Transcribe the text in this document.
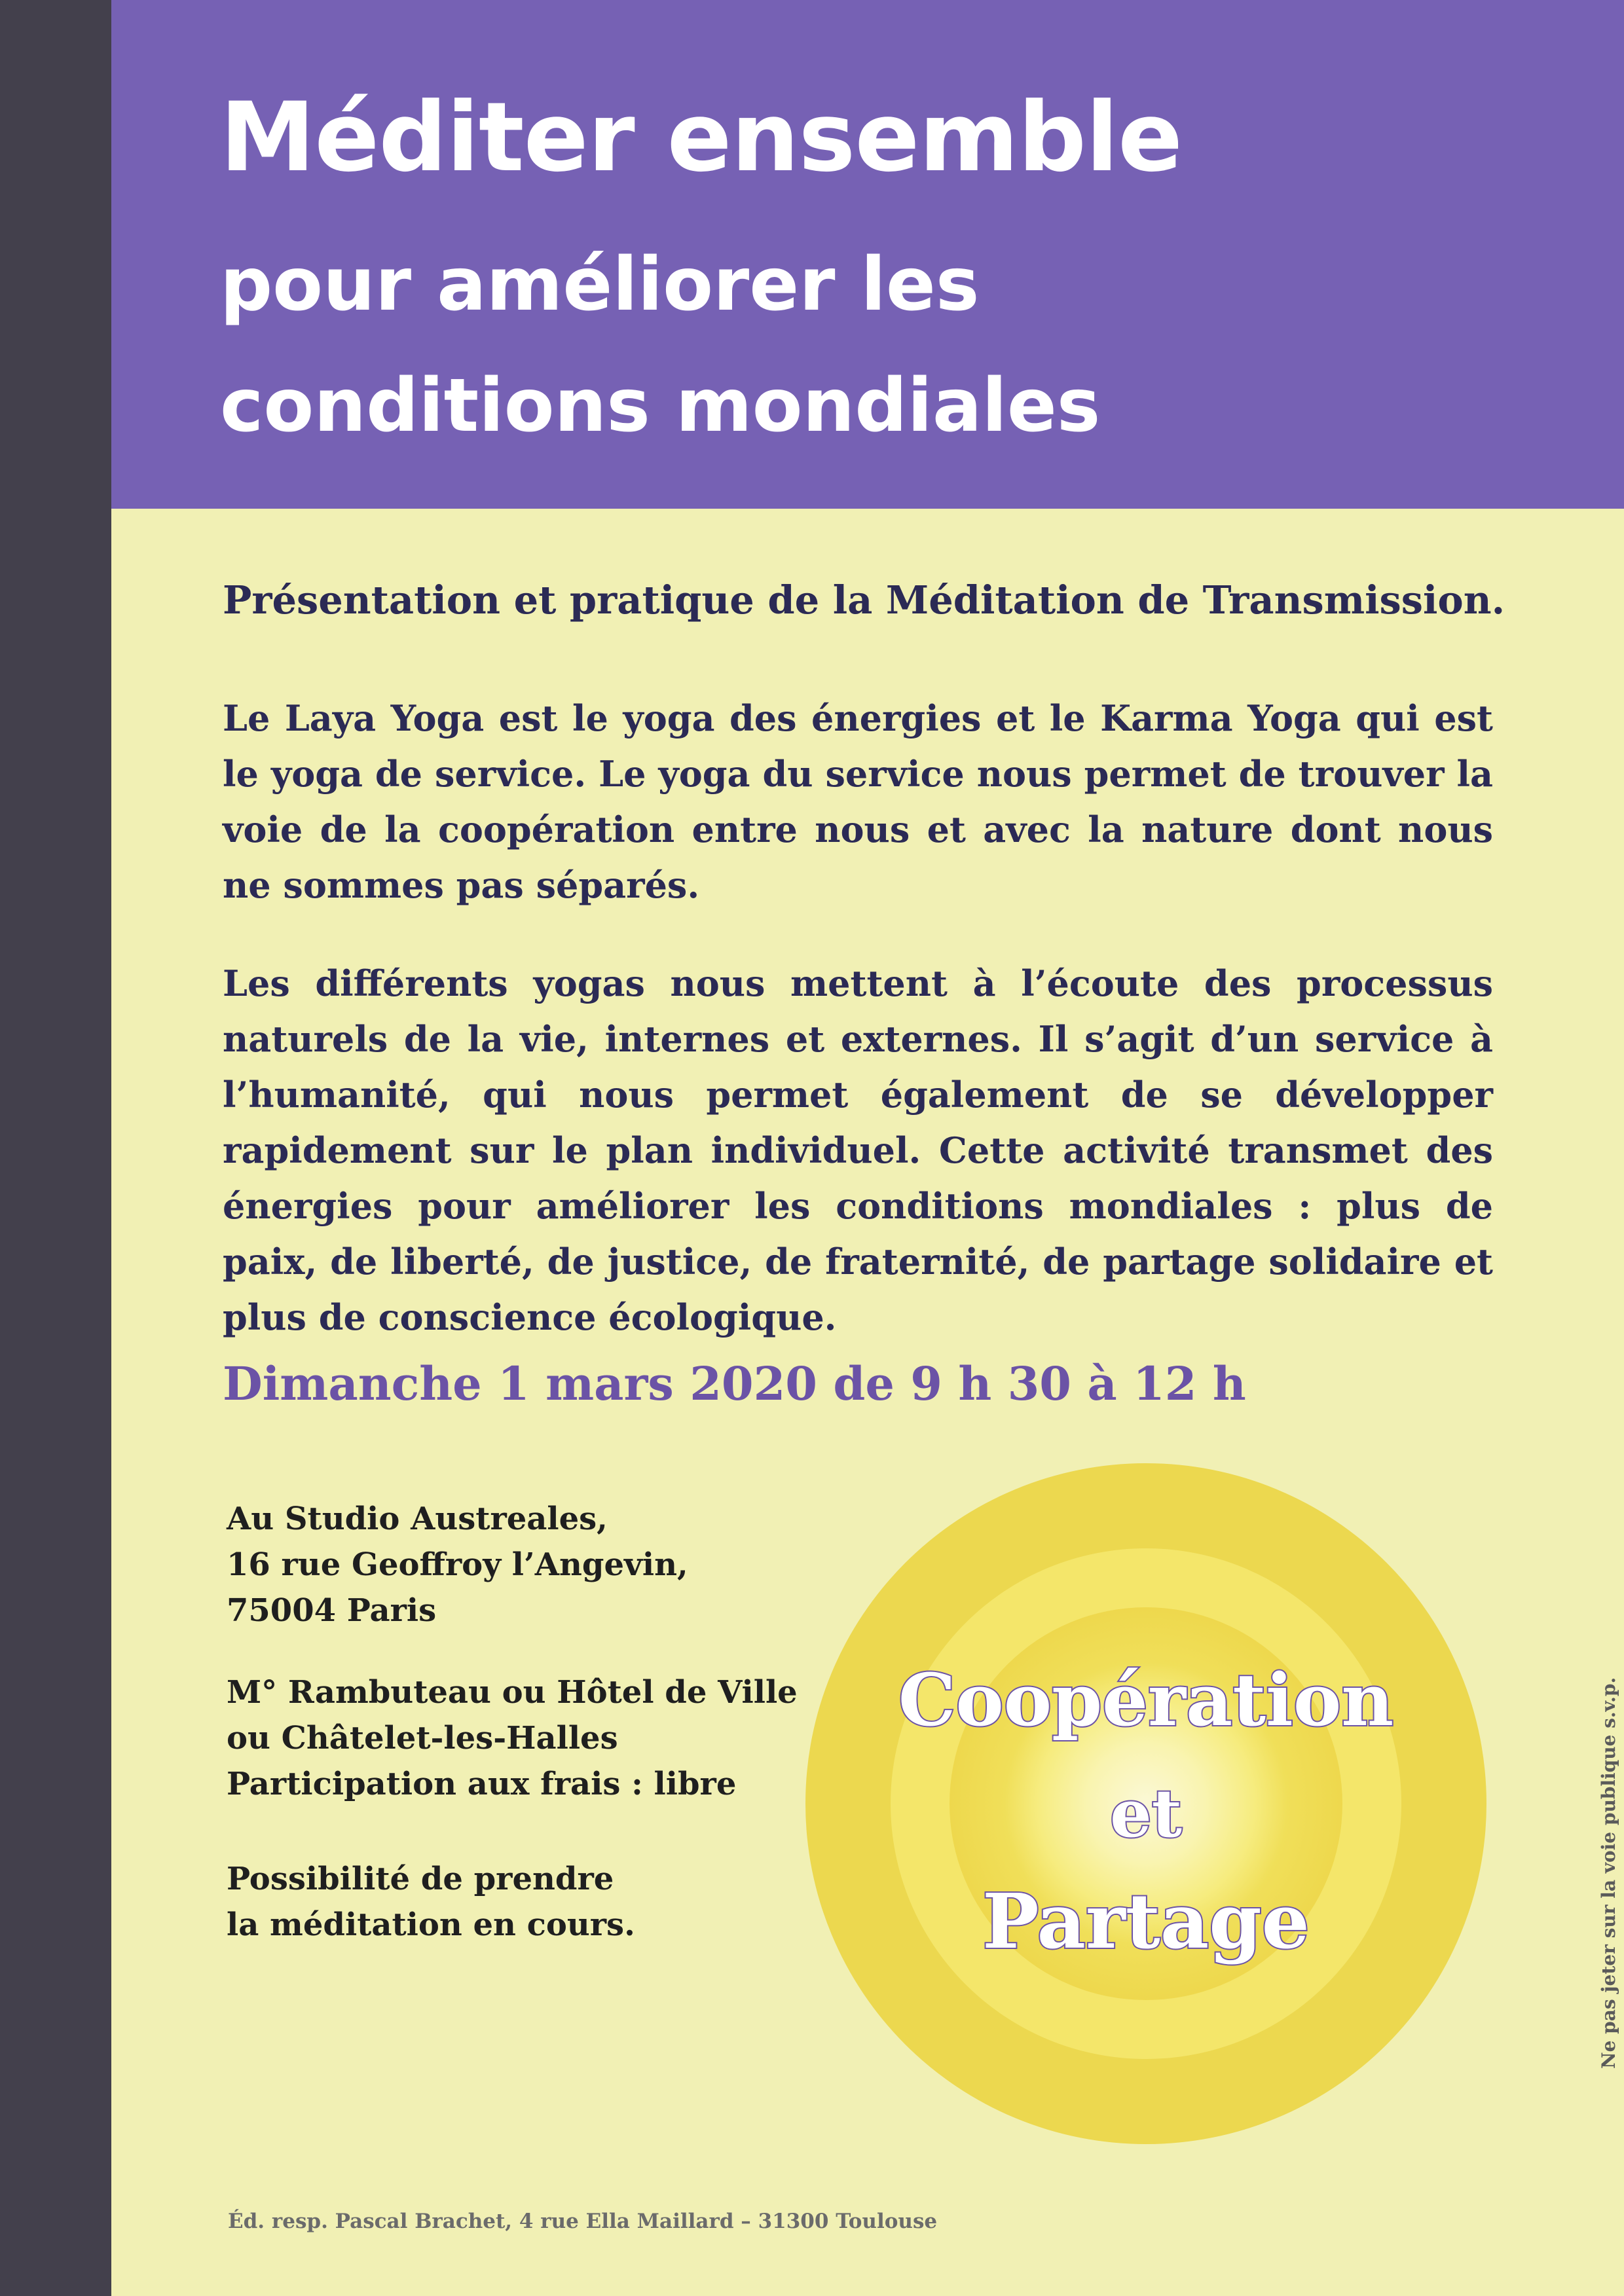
Méditer ensemble
pour améliorer les
conditions mondiales
Présentation et pratique de la Méditation de Transmission.
Le Laya Yoga est le yoga des énergies et le Karma Yoga qui est le yoga de service. Le yoga du service nous permet de trouver la voie de la coopération entre nous et avec la nature dont nous ne sommes pas séparés.
Les différents yogas nous mettent à l’écoute des processus naturels de la vie, internes et externes. Il s’agit d’un service à l’humanité, qui nous permet également de se développer rapidement sur le plan individuel. Cette activité transmet des énergies pour améliorer les conditions mondiales : plus de paix, de liberté, de justice, de fraternité, de partage solidaire et plus de conscience écologique.
Dimanche 1 mars 2020 de 9 h 30 à 12 h
Au Studio Austreales,
16 rue Geoffroy l’Angevin,
75004 Paris
M° Rambuteau ou Hôtel de Ville
ou Châtelet-les-Halles
Participation aux frais : libre
Possibilité de prendre
la méditation en cours.
Coopération
et
Partage	Ne pas jeter sur la voie publique s.v.p.
Éd. resp. Pascal Brachet, 4 rue Ella Maillard – 31300 Toulouse
